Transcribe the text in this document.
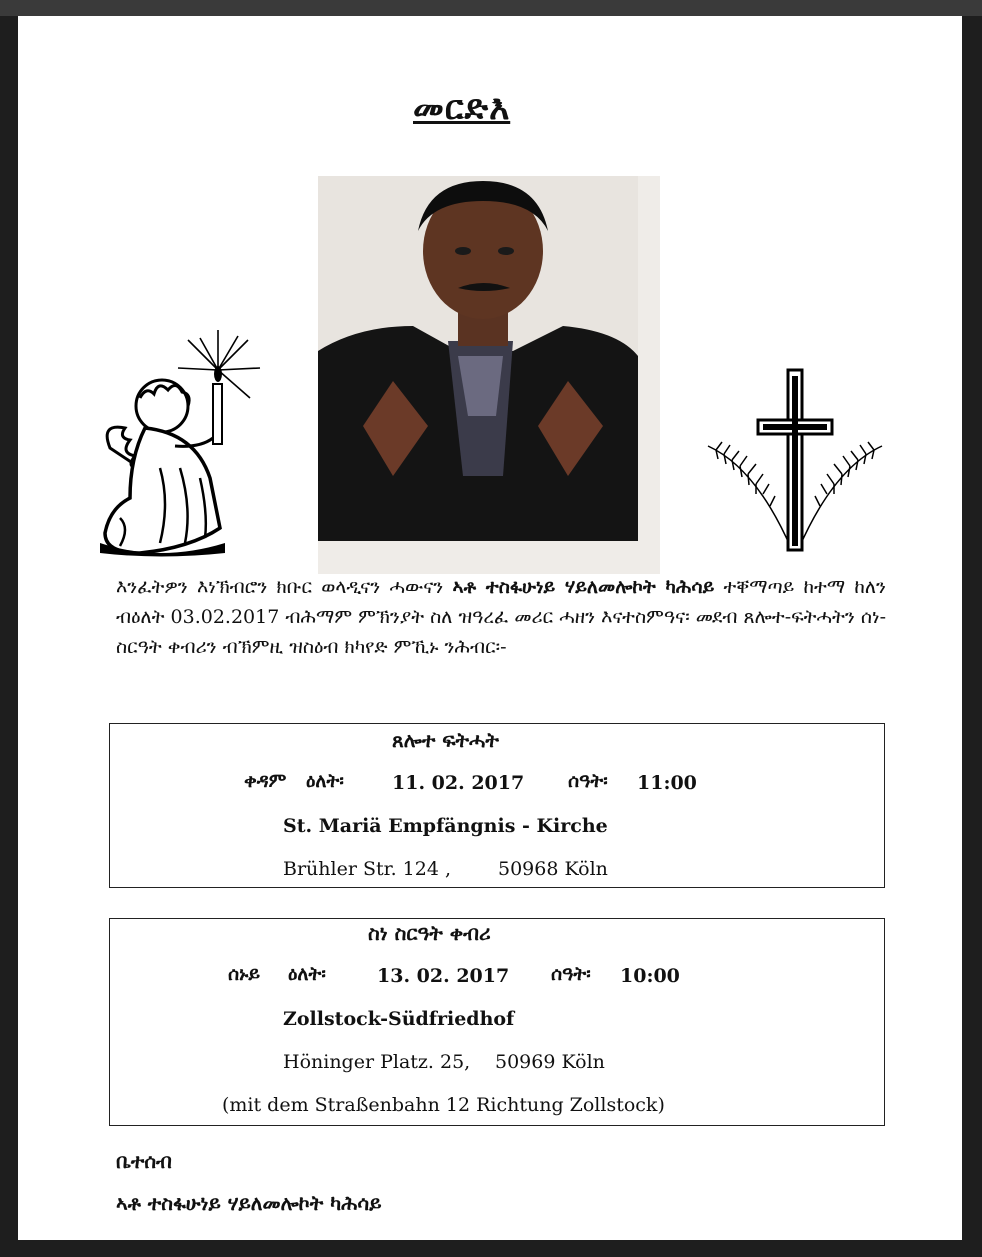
መርድእ
እንፈትዎን እነኽብሮን ክቡር ወላዲናን ሓውናን ኣቶ ተስፋሁነይ ሃይለመሎኮት ካሕሳይ ተቐማጣይ ከተማ ከለን ብዕለት 03.02.2017 ብሕማም ምኽንያት ስለ ዝዓረፈ መሪር ሓዘን እናተስምዓና፡ መደብ ጸሎተ-ፍትሓትን ሰነ-ስርዓት ቀብሪን ብኽምዚ ዝስዕብ ክካየድ ምኺኑ ንሕብር፡-
ጸሎተ ፍትሓት
ቀዳም ዕለት፡	11. 02. 2017 ሰዓት፡ 11:00
St. Mariä Empfängnis - Kirche
Brühler Str. 124 , 50968 Köln
ስነ ስርዓት ቀብሪ
ሰኑይ ዕለት፡	13. 02. 2017 ሰዓት፡ 10:00
Zollstock-Südfriedhof
Höninger Platz. 25, 50969 Köln
(mit dem Straßenbahn 12 Richtung Zollstock)
ቤተሰብ
ኣቶ ተስፋሁነይ ሃይለመሎኮት ካሕሳይ
